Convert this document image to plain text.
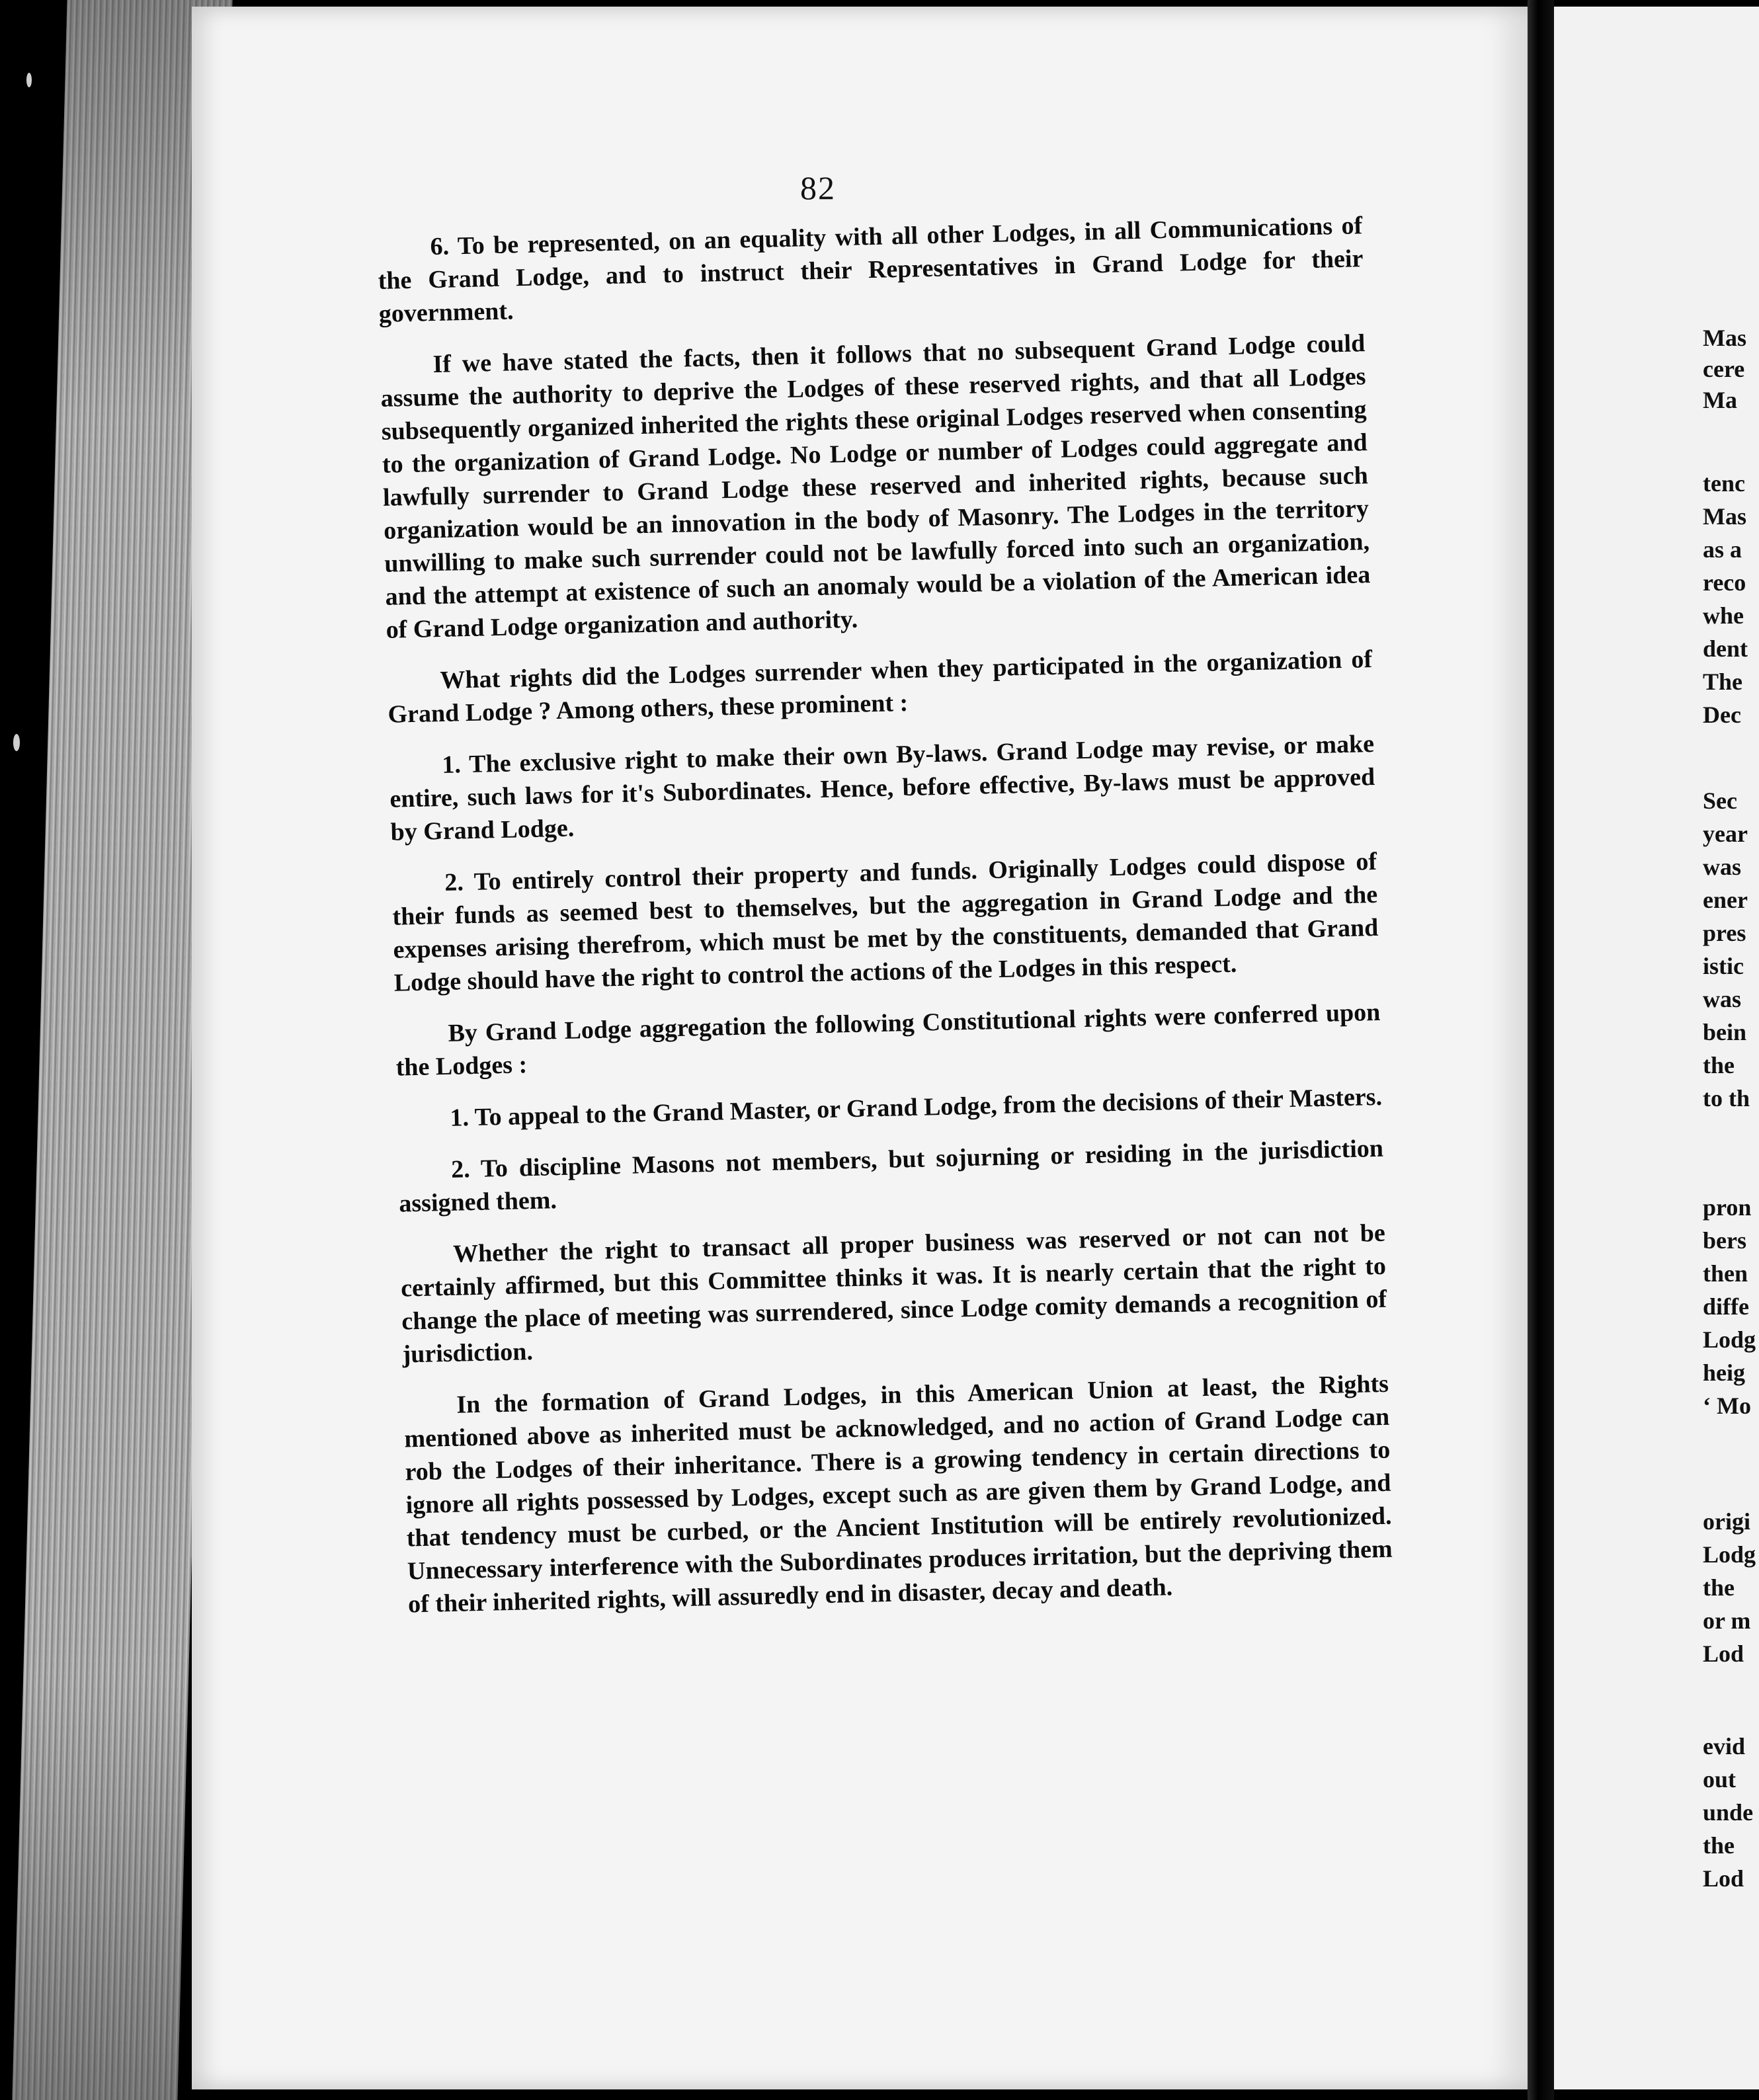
Mas
cere
Ma
tenc
Mas
as a
reco
whe
dent
The
Dec
Sec
year
was
ener
pres
istic
was
bein
the
to th
pron
bers
then
diffe
Lodg
heig
‘ Mo
origi
Lodg
the
or m
Lod
evid
out
unde
the
Lod
82

6. To be represented, on an equality with all other Lodges, in all Communications of the Grand Lodge, and to instruct their Representatives in Grand Lodge for their government.

If we have stated the facts, then it follows that no subsequent Grand Lodge could assume the authority to deprive the Lodges of these reserved rights, and that all Lodges subsequently organized inherited the rights these original Lodges reserved when consenting to the organization of Grand Lodge. No Lodge or number of Lodges could aggregate and lawfully surrender to Grand Lodge these reserved and inherited rights, because such organization would be an innovation in the body of Masonry. The Lodges in the territory unwilling to make such surrender could not be lawfully forced into such an organization, and the attempt at existence of such an anomaly would be a violation of the American idea of Grand Lodge organization and authority.

What rights did the Lodges surrender when they participated in the organization of Grand Lodge ? Among others, these prominent :

1. The exclusive right to make their own By-laws. Grand Lodge may revise, or make entire, such laws for it's Subordinates. Hence, before effective, By-laws must be approved by Grand Lodge.

2. To entirely control their property and funds. Originally Lodges could dispose of their funds as seemed best to themselves, but the aggregation in Grand Lodge and the expenses arising therefrom, which must be met by the constituents, demanded that Grand Lodge should have the right to control the actions of the Lodges in this respect.

By Grand Lodge aggregation the following Constitutional rights were conferred upon the Lodges :

1. To appeal to the Grand Master, or Grand Lodge, from the decisions of their Masters.

2. To discipline Masons not members, but sojurning or residing in the jurisdiction assigned them.

Whether the right to transact all proper business was reserved or not can not be certainly affirmed, but this Committee thinks it was. It is nearly certain that the right to change the place of meeting was surrendered, since Lodge comity demands a recognition of jurisdiction.

In the formation of Grand Lodges, in this American Union at least, the Rights mentioned above as inherited must be acknowledged, and no action of Grand Lodge can rob the Lodges of their inheritance. There is a growing tendency in certain directions to ignore all rights possessed by Lodges, except such as are given them by Grand Lodge, and that tendency must be curbed, or the Ancient Institution will be entirely revolutionized. Unnecessary interference with the Subordinates produces irritation, but the depriving them of their inherited rights, will assuredly end in disaster, decay and death.
